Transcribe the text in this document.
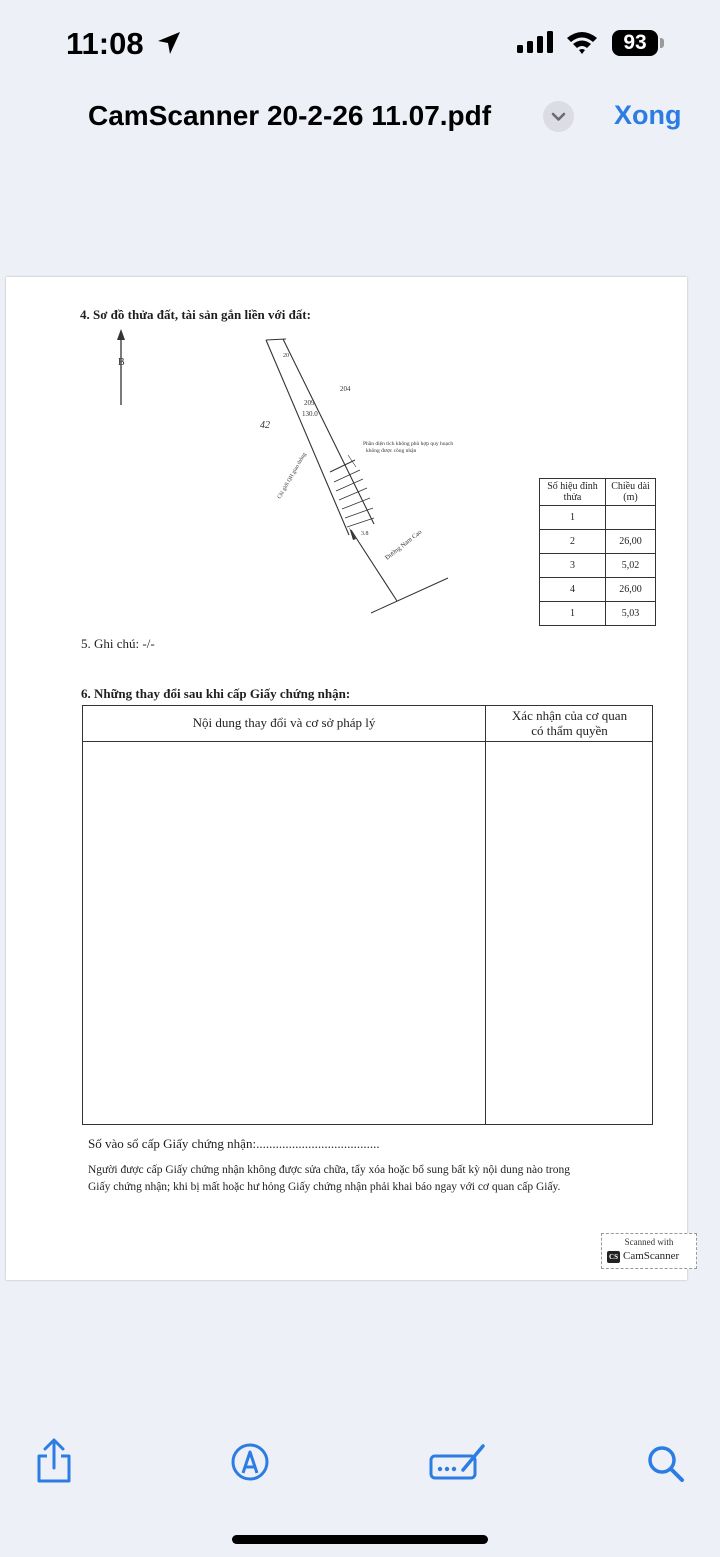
11:08	93
CamScanner 20-2-26 11.07.pdf	Xong
4. Sơ đồ thửa đất, tài sản gắn liền với đất:
B
20
209
130.0
204
42
Phần diện tích không phù hợp quy hoạch
không được công nhận
Chỉ giới QH giao thông
Đường Nam Cao
3.8
Số hiệu đỉnh thửa	Chiều dài (m)
1	
2	26,00
3	5,02
4	26,00
1	5,03
5. Ghi chú: -/-
6. Những thay đổi sau khi cấp Giấy chứng nhận:
Nội dung thay đổi và cơ sở pháp lý	Xác nhận của cơ quan
có thẩm quyền
Số vào sổ cấp Giấy chứng nhận:......................................
Người được cấp Giấy chứng nhận không được sửa chữa, tẩy xóa hoặc bổ sung bất kỳ nội dung nào trong
Giấy chứng nhận; khi bị mất hoặc hư hỏng Giấy chứng nhận phải khai báo ngay với cơ quan cấp Giấy.
Scanned with
CS CamScanner
